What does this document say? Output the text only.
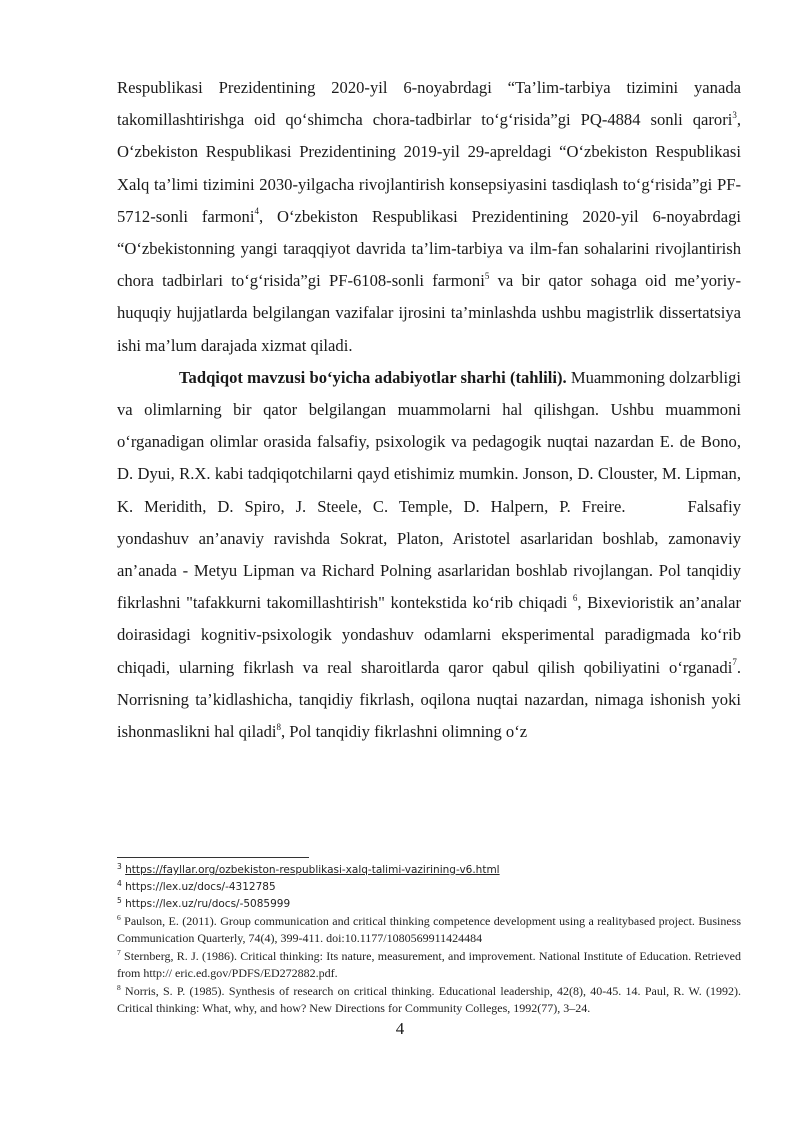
Respublikasi Prezidentining 2020-yil 6-noyabrdagi “Ta’lim-tarbiya tizimini yanada takomillashtirishga oid qo‘shimcha chora-tadbirlar to‘g‘risida”gi PQ-4884 sonli qarori$^3$, O‘zbekiston Respublikasi Prezidentining 2019-yil 29-apreldagi “O‘zbekiston Respublikasi Xalq ta’limi tizimini 2030-yilgacha rivojlantirish konsepsiyasini tasdiqlash to‘g‘risida”gi PF-5712-sonli farmoni$^4$, O‘zbekiston Respublikasi Prezidentining 2020-yil 6-noyabrdagi “O‘zbekistonning yangi taraqqiyot davrida ta’lim-tarbiya va ilm-fan sohalarini rivojlantirish chora tadbirlari to‘g‘risida”gi PF-6108-sonli farmoni$^5$ va bir qator sohaga oid me’yoriy-huquqiy hujjatlarda belgilangan vazifalar ijrosini ta’minlashda ushbu magistrlik dissertatsiya ishi ma’lum darajada xizmat qiladi.

Tadqiqot mavzusi bo‘yicha adabiyotlar sharhi (tahlili). Muammoning dolzarbligi va olimlarning bir qator belgilangan muammolarni hal qilishgan. Ushbu muammoni o‘rganadigan olimlar orasida falsafiy, psixologik va pedagogik nuqtai nazardan E. de Bono, D. Dyui, R.X. kabi tadqiqotchilarni qayd etishimiz mumkin. Jonson, D. Clouster, M. Lipman, K. Meridith, D. Spiro, J. Steele, C. Temple, D. Halpern, P. Freire.	Falsafiy yondashuv an’anaviy ravishda Sokrat, Platon, Aristotel asarlaridan boshlab, zamonaviy an’anada - Metyu Lipman va Richard Polning asarlaridan boshlab rivojlangan. Pol tanqidiy fikrlashni "tafakkurni takomillashtirish" kontekstida ko‘rib chiqadi $^6$, Bixevioristik an’analar doirasidagi kognitiv-psixologik yondashuv odamlarni eksperimental paradigmada ko‘rib chiqadi, ularning fikrlash va real sharoitlarda qaror qabul qilish qobiliyatini o‘rganadi$^7$. Norrisning ta’kidlashicha, tanqidiy fikrlash, oqilona nuqtai nazardan, nimaga ishonish yoki ishonmaslikni hal qiladi$^8$, Pol tanqidiy fikrlashni olimning o‘z

$^3$ https://fayllar.org/ozbekiston-respublikasi-xalq-talimi-vazirining-v6.html

$^4$ https://lex.uz/docs/-4312785

$^5$ https://lex.uz/ru/docs/-5085999

$^6$ Paulson, E. (2011). Group communication and critical thinking competence development using a realitybased project. Business Communication Quarterly, 74(4), 399-411. doi:10.1177/1080569911424484

$^7$ Sternberg, R. J. (1986). Critical thinking: Its nature, measurement, and improvement. National Institute of Education. Retrieved from http:// eric.ed.gov/PDFS/ED272882.pdf.

$^8$ Norris, S. P. (1985). Synthesis of research on critical thinking. Educational leadership, 42(8), 40-45. 14. Paul, R. W. (1992). Critical thinking: What, why, and how? New Directions for Community Colleges, 1992(77), 3–24.

4
